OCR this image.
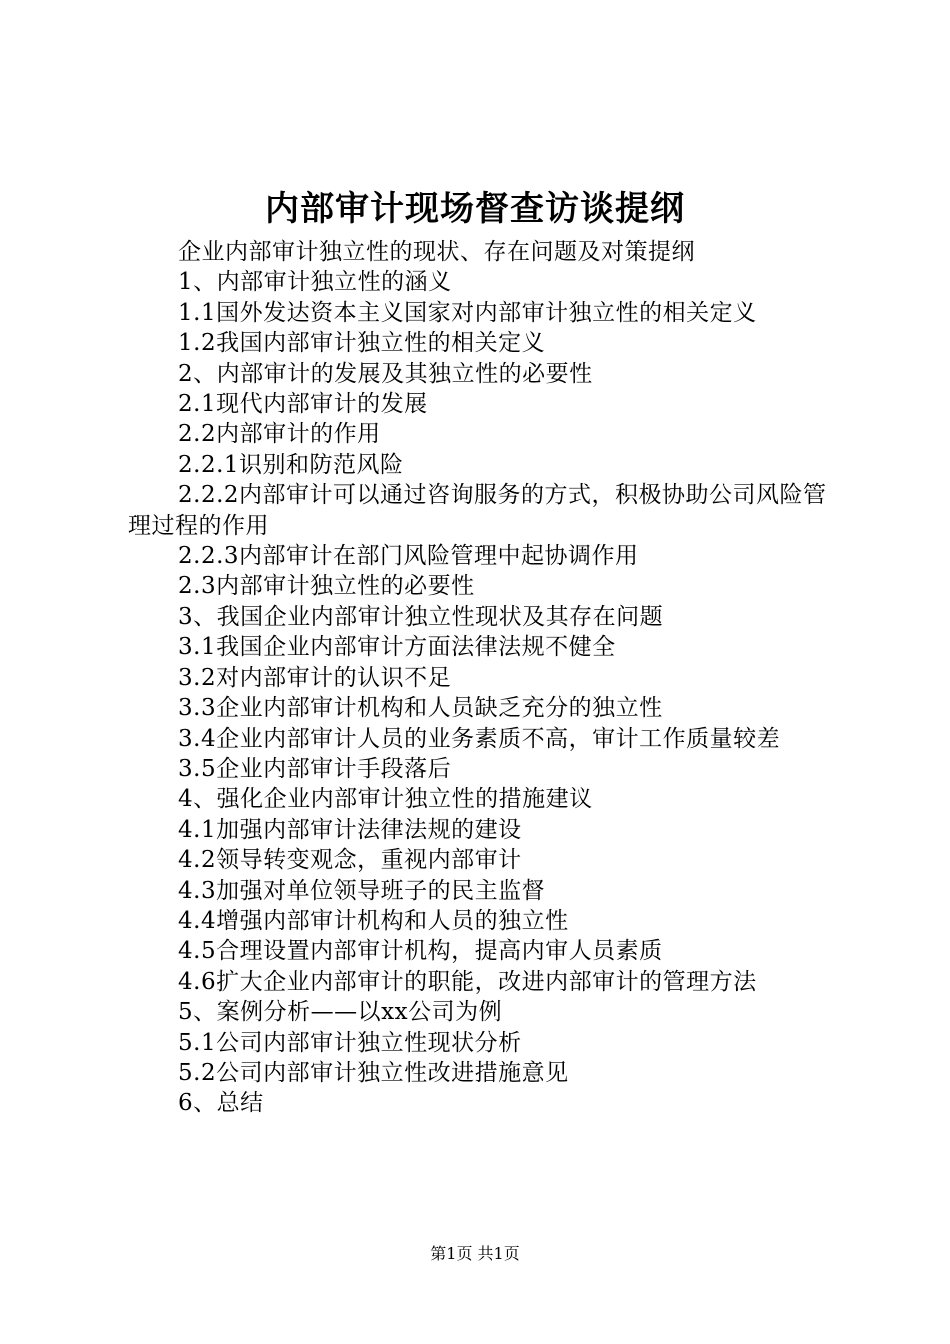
内部审计现场督查访谈提纲
企业内部审计独立性的现状、存在问题及对策提纲
1、内部审计独立性的涵义
1.1国外发达资本主义国家对内部审计独立性的相关定义
1.2我国内部审计独立性的相关定义
2、内部审计的发展及其独立性的必要性
2.1现代内部审计的发展
2.2内部审计的作用
2.2.1识别和防范风险
2.2.2内部审计可以通过咨询服务的方式，积极协助公司风险管理过程的作用
2.2.3内部审计在部门风险管理中起协调作用
2.3内部审计独立性的必要性
3、我国企业内部审计独立性现状及其存在问题
3.1我国企业内部审计方面法律法规不健全
3.2对内部审计的认识不足
3.3企业内部审计机构和人员缺乏充分的独立性
3.4企业内部审计人员的业务素质不高，审计工作质量较差
3.5企业内部审计手段落后
4、强化企业内部审计独立性的措施建议
4.1加强内部审计法律法规的建设
4.2领导转变观念，重视内部审计
4.3加强对单位领导班子的民主监督
4.4增强内部审计机构和人员的独立性
4.5合理设置内部审计机构，提高内审人员素质
4.6扩大企业内部审计的职能，改进内部审计的管理方法
5、案例分析——以xx公司为例
5.1公司内部审计独立性现状分析
5.2公司内部审计独立性改进措施意见
6、总结
第1页 共1页
